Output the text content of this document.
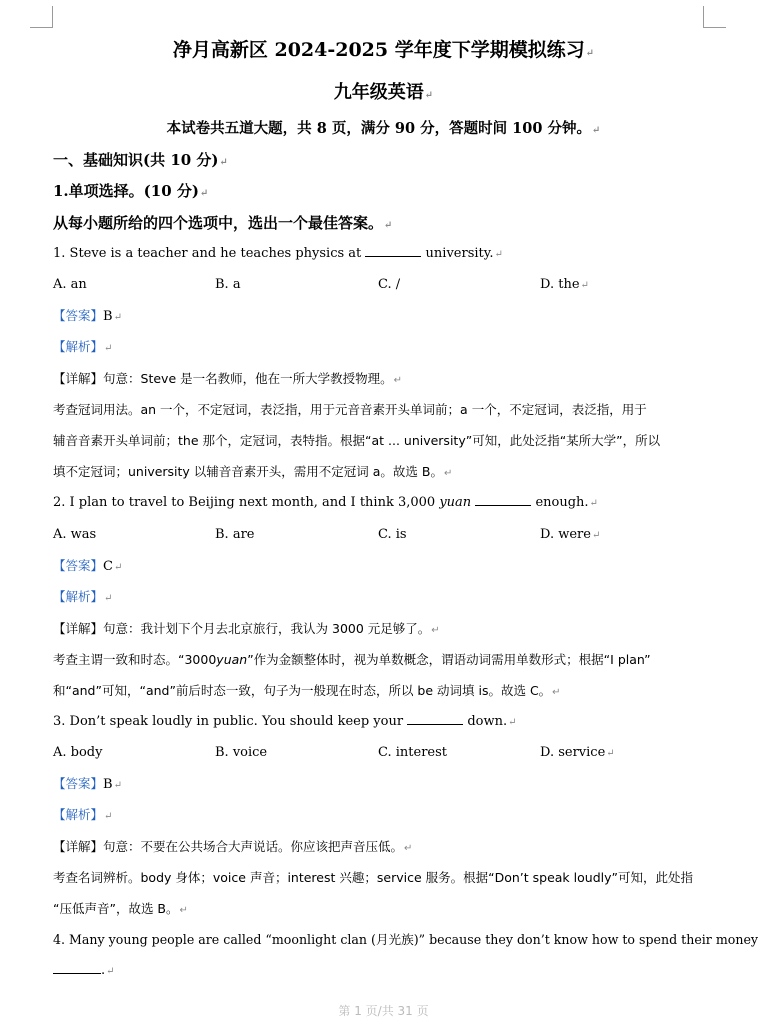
净月高新区 2024-2025 学年度下学期模拟练习↵
九年级英语↵
本试卷共五道大题，共 8 页，满分 90 分，答题时间 100 分钟。↵
一、基础知识(共 10 分)↵
1.单项选择。(10 分)↵
从每小题所给的四个选项中，选出一个最佳答案。↵
1. Steve is a teacher and he teaches physics at	university.↵
A. an	B. a	C. /	D. the↵
【答案】B↵
【解析】↵
【详解】句意：Steve 是一名教师，他在一所大学教授物理。↵
考查冠词用法。an 一个，不定冠词，表泛指，用于元音音素开头单词前；a 一个，不定冠词，表泛指，用于
辅音音素开头单词前；the 那个，定冠词，表特指。根据“at ... university”可知，此处泛指“某所大学”，所以
填不定冠词；university 以辅音音素开头，需用不定冠词 a。故选 B。↵
2. I plan to travel to Beijing next month, and I think 3,000 yuan	enough.↵
A. was	B. are	C. is	D. were↵
【答案】C↵
【解析】↵
【详解】句意：我计划下个月去北京旅行，我认为 3000 元足够了。↵
考查主谓一致和时态。“3000yuan”作为金额整体时，视为单数概念，谓语动词需用单数形式；根据“I plan”
和“and”可知，“and”前后时态一致，句子为一般现在时态，所以 be 动词填 is。故选 C。↵
3. Don’t speak loudly in public. You should keep your	down.↵
A. body	B. voice	C. interest	D. service↵
【答案】B↵
【解析】↵
【详解】句意：不要在公共场合大声说话。你应该把声音压低。↵
考查名词辨析。body 身体；voice 声音；interest 兴趣；service 服务。根据“Don’t speak loudly”可知，此处指
“压低声音”，故选 B。↵
4. Many young people are called “moonlight clan (月光族)” because they don’t know how to spend their money
.↵
第 1 页/共 31 页
